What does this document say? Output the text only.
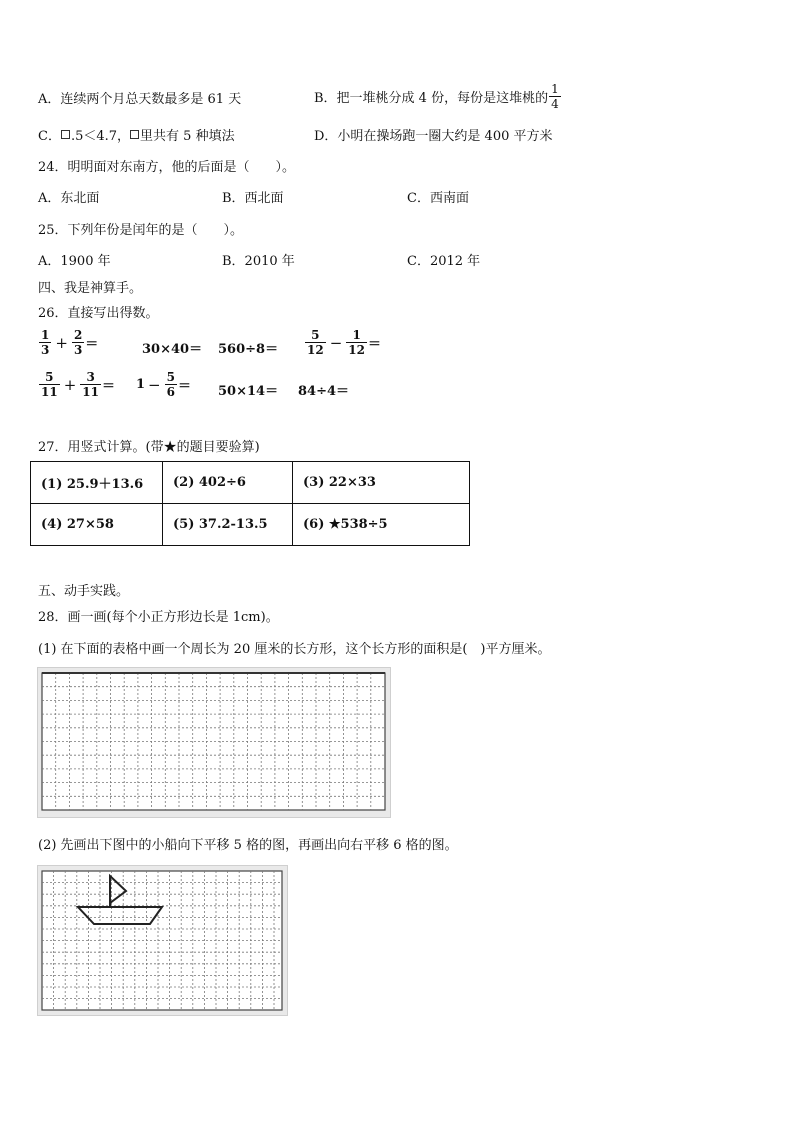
A．连续两个月总天数最多是 61 天	B．把一堆桃分成 4 份，每份是这堆桃的 $\frac{1}{4}$
C． .5＜4.7， 里共有 5 种填法	D．小明在操场跑一圈大约是 400 平方米
24．明明面对东南方，他的后面是（　　）。
A．东北面	B．西北面	C．西南面
25．下列年份是闰年的是（　　）。
A．1900 年	B．2010 年	C．2012 年
四、我是神算手。
26．直接写出得数。
$\frac{1}{3} + \frac{2}{3}$ ＝	$30\times 40= 560\div 8= \frac{5}{12} - \frac{1}{12}$ ＝
$\frac{5}{11} + \frac{3}{11} = 1 - \frac{5}{6} = 50\times 14= 84\div 4=$
27．用竖式计算。(带★的题目要验算)
(1) 25.9＋13.6	(2) 402÷6	(3) 22×33
(4) 27×58	(5) 37.2-13.5	(6) ★538÷5
五、动手实践。
28．画一画(每个小正方形边长是 1cm)。
(1) 在下面的表格中画一个周长为 20 厘米的长方形，这个长方形的面积是(　)平方厘米。
(2) 先画出下图中的小船向下平移 5 格的图，再画出向右平移 6 格的图。
